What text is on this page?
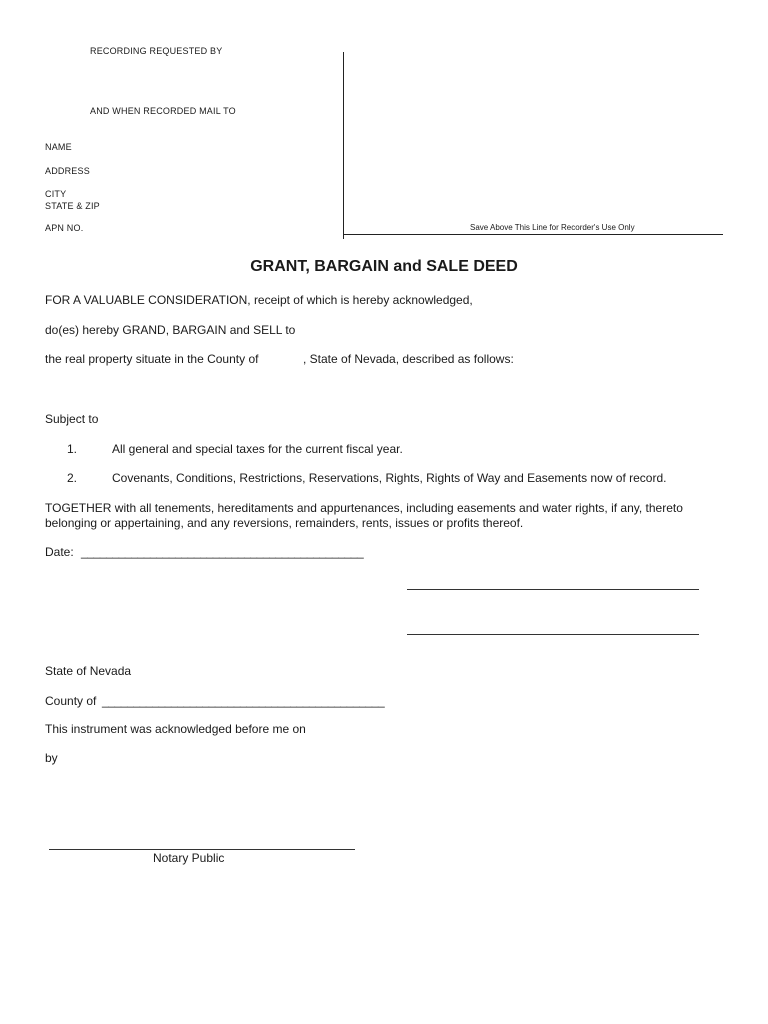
RECORDING REQUESTED BY
AND WHEN RECORDED MAIL TO
NAME
ADDRESS
CITY
STATE & ZIP
APN NO.	Save Above This Line for Recorder's Use Only
GRANT, BARGAIN and SALE DEED
FOR A VALUABLE CONSIDERATION, receipt of which is hereby acknowledged,
do(es) hereby GRAND, BARGAIN and SELL to
the real property situate in the County of	, State of Nevada, described as follows:
Subject to
1.	All general and special taxes for the current fiscal year.
2.	Covenants, Conditions, Restrictions, Reservations, Rights, Rights of Way and Easements now of record.
TOGETHER with all tenements, hereditaments and appurtenances, including easements and water rights, if any, thereto belonging or appertaining, and any reversions, remainders, rents, issues or profits thereof.
Date: _____________________________________________
State of Nevada
County of _____________________________________________
This instrument was acknowledged before me on
by
Notary Public
